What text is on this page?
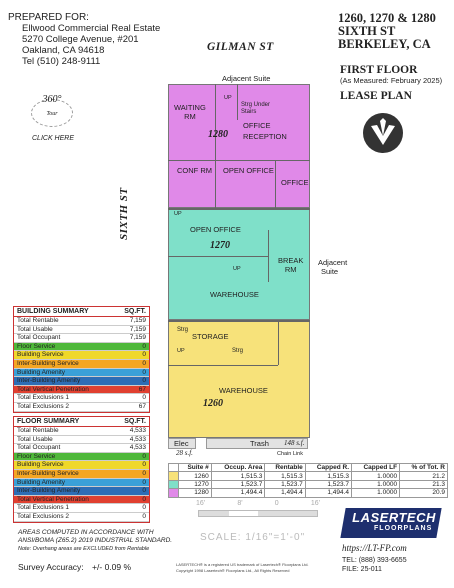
PREPARED FOR:
Ellwood Commercial Real Estate
5270 College Avenue, #201
Oakland, CA 94618
Tel (510) 248-9111
1260, 1270 & 1280
SIXTH ST
BERKELEY, CA
FIRST FLOOR
(As Measured: February 2025)
LEASE PLAN
360°
Tour
CLICK HERE
GILMAN ST
SIXTH ST
Adjacent Suite
Adjacent
Suite
WAITING
RM
Strg Under
Stairs
UP
OFFICE
1280 RECEPTION
CONF RM OPEN OFFICE
OFFICE
UP
OPEN OFFICE
1270
UP
BREAK
RM
WAREHOUSE
Strg
STORAGE
UP	Strg
WAREHOUSE
1260
Elec
28 s.f.
Trash 148 s.f.
Chain Link
BUILDING SUMMARY	SQ.FT.
Total Rentable	7,159
Total Usable	7,159
Total Occupant	7,159
Floor Service	0
Building Service	0
Inter-Building Service	0
Building Amenity	0
Inter-Building Amenity	0
Total Vertical Penetration	67
Total Exclusions 1	0
Total Exclusions 2	67
FLOOR SUMMARY	SQ.FT.
Total Rentable	4,533
Total Usable	4,533
Total Occupant	4,533
Floor Service	0
Building Service	0
Inter-Building Service	0
Building Amenity	0
Inter-Building Amenity	0
Total Vertical Penetration	0
Total Exclusions 1	0
Total Exclusions 2	0
AREAS COMPUTED IN ACCORDANCE WITH
ANSI/BOMA (Z65.2) 2019 INDUSTRIAL STANDARD.
Note: Overhang areas are EXCLUDED from Rentable
Survey Accuracy: +/- 0.09 %
	Suite #	Occup. Area	Rentable	Capped R.	Capped LF	% of Tot. R
	1260	1,515.3	1,515.3	1,515.3	1.0000	21.2
	1270	1,523.7	1,523.7	1,523.7	1.0000	21.3
	1280	1,494.4	1,494.4	1,494.4	1.0000	20.9
16'	8'	0	16'
SCALE: 1/16"=1'-0"
LASERTECH
FLOORPLANS
https://LT-FP.com
TEL: (888) 393-6655
FILE: 25-011
LASERTECH® is a registered US trademark of Lasertech® Floorplans Ltd.
Copyright 1998 Lasertech® Floorplans Ltd., All Rights Reserved
